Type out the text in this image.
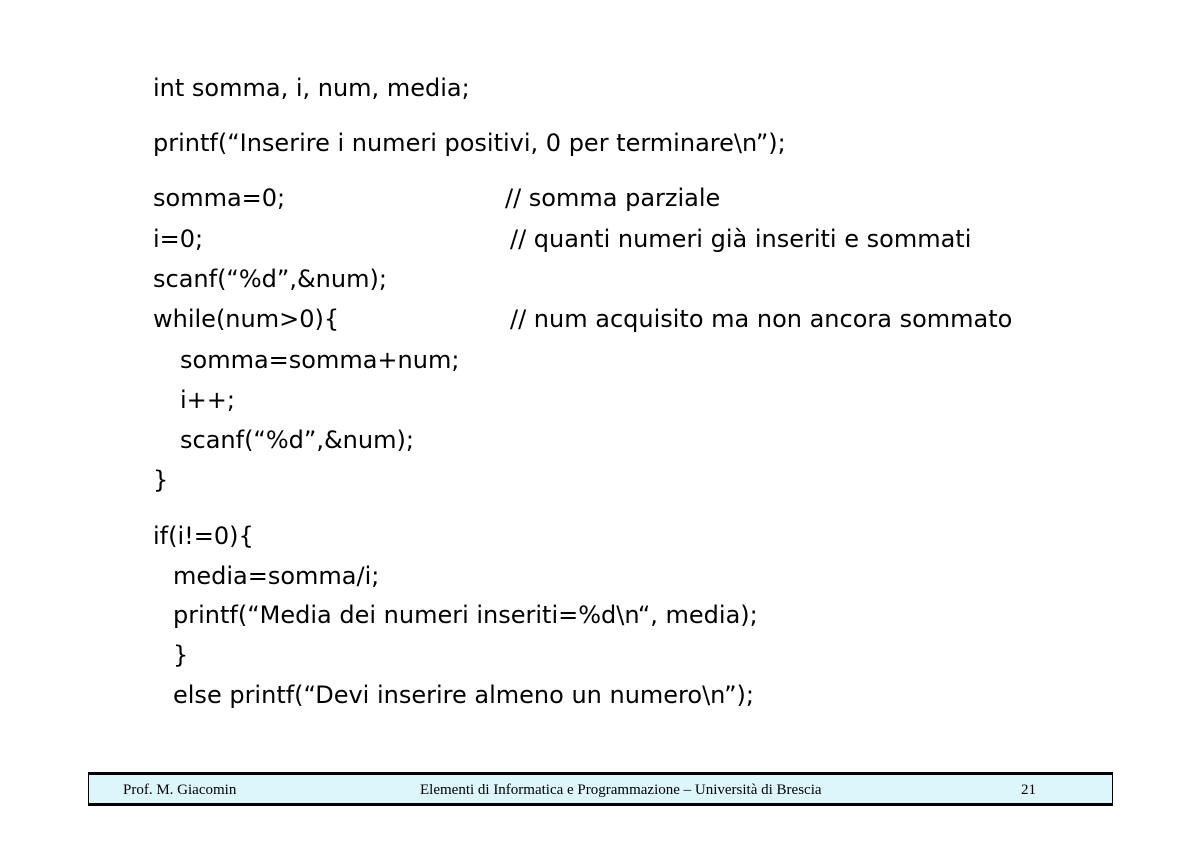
int somma, i, num, media;
printf(“Inserire i numeri positivi, 0 per terminare\n”);
somma=0;	// somma parziale
i=0;	// quanti numeri già inseriti e sommati
scanf(“%d”,&num);
while(num>0){	// num acquisito ma non ancora sommato
somma=somma+num;
i++;
scanf(“%d”,&num);
}
if(i!=0){
media=somma/i;
printf(“Media dei numeri inseriti=%d\n“, media);
}
else printf(“Devi inserire almeno un numero\n”);
Prof. M. Giacomin	Elementi di Informatica e Programmazione – Università di Brescia	21
